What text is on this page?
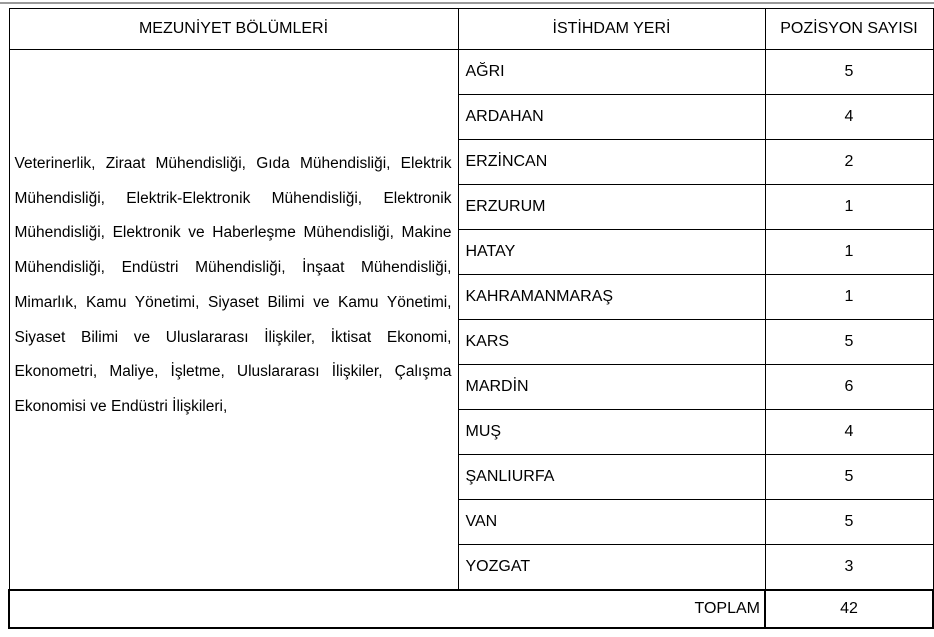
MEZUNİYET BÖLÜMLERİ	İSTİHDAM YERİ	POZİSYON SAYISI

Veterinerlik, Ziraat Mühendisliği, Gıda Mühendisliği, Elektrik Mühendisliği, Elektrik-Elektronik Mühendisliği, Elektronik Mühendisliği, Elektronik ve Haberleşme Mühendisliği, Makine Mühendisliği, Endüstri Mühendisliği, İnşaat Mühendisliği, Mimarlık, Kamu Yönetimi, Siyaset Bilimi ve Kamu Yönetimi, Siyaset Bilimi ve Uluslararası İlişkiler, İktisat Ekonomi, Ekonometri, Maliye, İşletme, Uluslararası İlişkiler, Çalışma Ekonomisi ve Endüstri İlişkileri,	AĞRI	5
	ARDAHAN	4
	ERZİNCAN	2
	ERZURUM	1
	HATAY	1
	KAHRAMANMARAŞ	1
	KARS	5
	MARDİN	6
	MUŞ	4
	ŞANLIURFA	5
	VAN	5
	YOZGAT	3
TOPLAM		42
